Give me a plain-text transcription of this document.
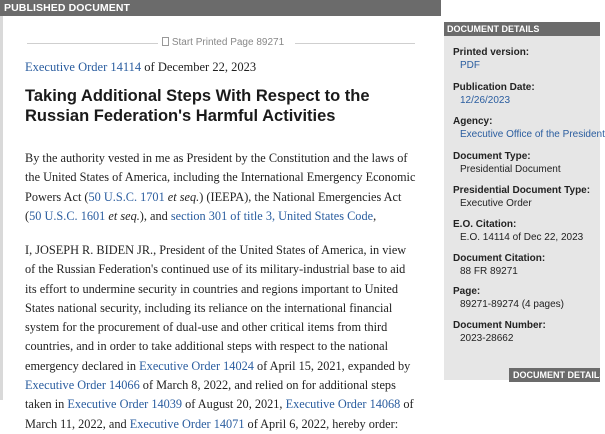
PUBLISHED DOCUMENT
Start Printed Page 89271
Executive Order 14114 of December 22, 2023
Taking Additional Steps With Respect to the Russian Federation's Harmful Activities
By the authority vested in me as President by the Constitution and the laws of the United States of America, including the International Emergency Economic Powers Act (50 U.S.C. 1701 et seq.) (IEEPA), the National Emergencies Act (50 U.S.C. 1601 et seq.), and section 301 of title 3, United States Code,
I, JOSEPH R. BIDEN JR., President of the United States of America, in view of the Russian Federation's continued use of its military-industrial base to aid its effort to undermine security in countries and regions important to United States national security, including its reliance on the international financial system for the procurement of dual-use and other critical items from third countries, and in order to take additional steps with respect to the national emergency declared in Executive Order 14024 of April 15, 2021, expanded by Executive Order 14066 of March 8, 2022, and relied on for additional steps taken in Executive Order 14039 of August 20, 2021, Executive Order 14068 of March 11, 2022, and Executive Order 14071 of April 6, 2022, hereby order:
DOCUMENT DETAILS
Printed version:
PDF
Publication Date:
12/26/2023
Agency:
Executive Office of the President
Document Type:
Presidential Document
Presidential Document Type:
Executive Order
E.O. Citation:
E.O. 14114 of Dec 22, 2023
Document Citation:
88 FR 89271
Page:
89271-89274 (4 pages)
Document Number:
2023-28662
DOCUMENT DETAILS
